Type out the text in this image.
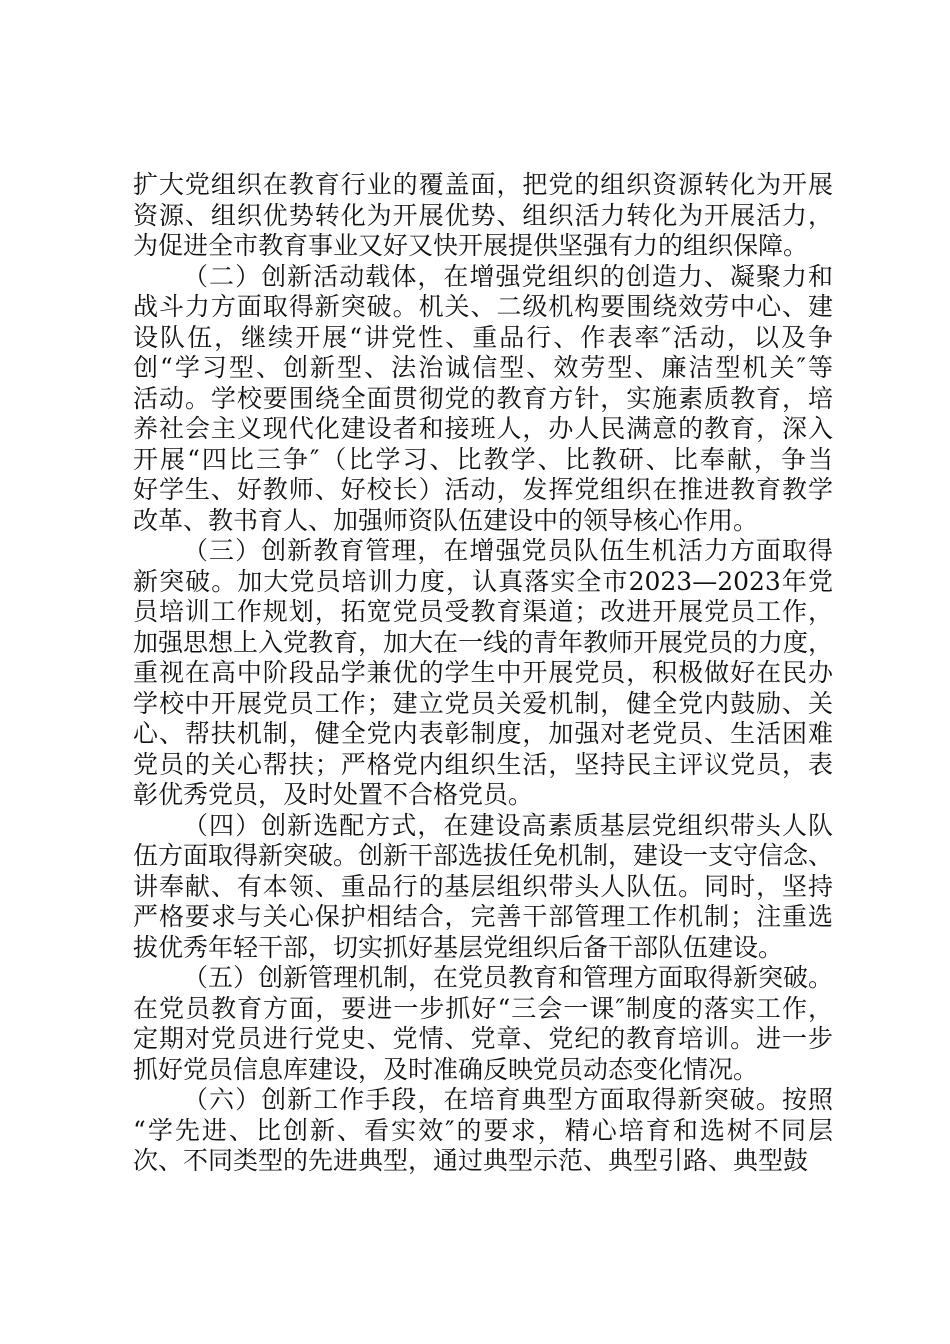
扩大党组织在教育行业的覆盖面，把党的组织资源转化为开展
资源、组织优势转化为开展优势、组织活力转化为开展活力，
为促进全市教育事业又好又快开展提供坚强有力的组织保障。
（二）创新活动载体，在增强党组织的创造力、凝聚力和
战斗力方面取得新突破。机关、二级机构要围绕效劳中心、建
设队伍，继续开展“讲党性、重品行、作表率″活动，以及争
创“学习型、创新型、法治诚信型、效劳型、廉洁型机关″等
活动。学校要围绕全面贯彻党的教育方针，实施素质教育，培
养社会主义现代化建设者和接班人，办人民满意的教育，深入
开展“四比三争″（比学习、比教学、比教研、比奉献，争当
好学生、好教师、好校长）活动，发挥党组织在推进教育教学
改革、教书育人、加强师资队伍建设中的领导核心作用。
（三）创新教育管理，在增强党员队伍生机活力方面取得
新突破。加大党员培训力度，认真落实全市2023—2023年党
员培训工作规划，拓宽党员受教育渠道；改进开展党员工作，
加强思想上入党教育，加大在一线的青年教师开展党员的力度，
重视在高中阶段品学兼优的学生中开展党员，积极做好在民办
学校中开展党员工作；建立党员关爱机制，健全党内鼓励、关
心、帮扶机制，健全党内表彰制度，加强对老党员、生活困难
党员的关心帮扶；严格党内组织生活，坚持民主评议党员，表
彰优秀党员，及时处置不合格党员。
（四）创新选配方式，在建设高素质基层党组织带头人队
伍方面取得新突破。创新干部选拔任免机制，建设一支守信念、
讲奉献、有本领、重品行的基层组织带头人队伍。同时，坚持
严格要求与关心保护相结合，完善干部管理工作机制；注重选
拔优秀年轻干部，切实抓好基层党组织后备干部队伍建设。
（五）创新管理机制，在党员教育和管理方面取得新突破。
在党员教育方面，要进一步抓好“三会一课″制度的落实工作，
定期对党员进行党史、党情、党章、党纪的教育培训。进一步
抓好党员信息库建设，及时准确反映党员动态变化情况。
（六）创新工作手段，在培育典型方面取得新突破。按照
“学先进、比创新、看实效″的要求，精心培育和选树不同层
次、不同类型的先进典型，通过典型示范、典型引路、典型鼓
